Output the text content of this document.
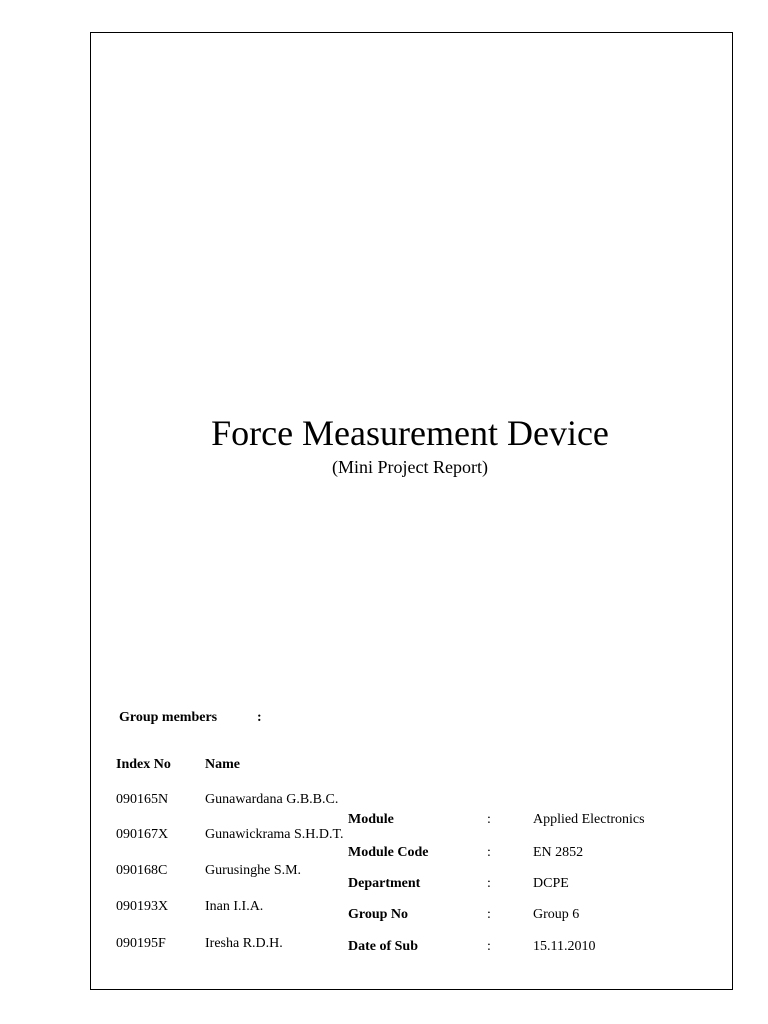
Force Measurement Device
(Mini Project Report)
Group members	:
Index No Name
090165N	Gunawardana G.B.B.C.
090167X	Gunawickrama S.H.D.T.
090168C	Gurusinghe S.M.
090193X	Inan I.I.A.
090195F	Iresha R.D.H.
Module	:	Applied Electronics
Module Code	:	EN 2852
Department	:	DCPE
Group No	:	Group 6
Date of Sub	:	15.11.2010
